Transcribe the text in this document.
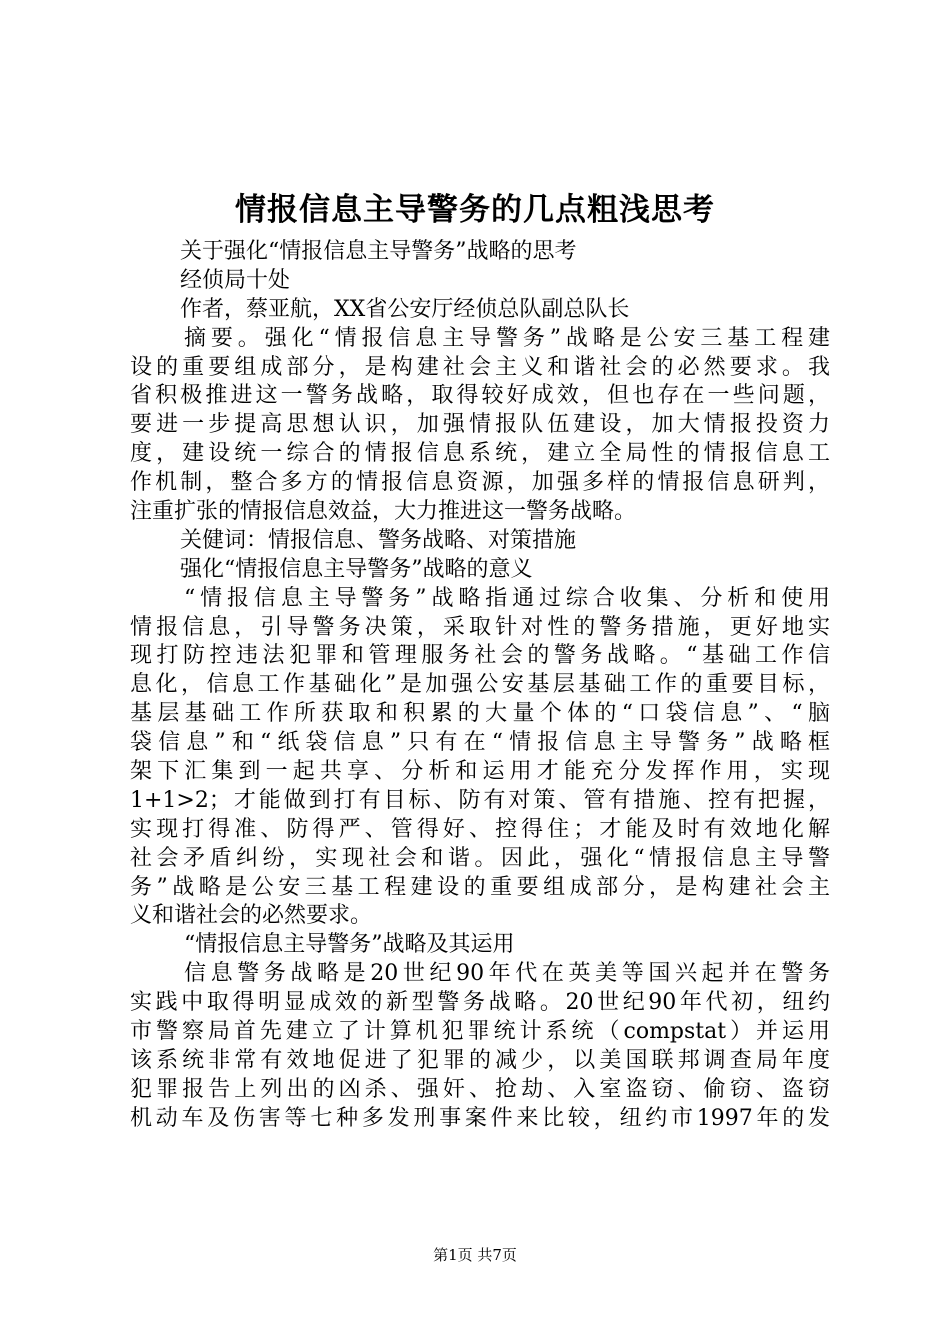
情报信息主导警务的几点粗浅思考
关于强化“情报信息主导警务”战略的思考
经侦局十处
作者，蔡亚航，XX省公安厅经侦总队副总队长
摘要。强化“情报信息主导警务”战略是公安三基工程建
设的重要组成部分，是构建社会主义和谐社会的必然要求。我
省积极推进这一警务战略，取得较好成效，但也存在一些问题，
要进一步提高思想认识，加强情报队伍建设，加大情报投资力
度，建设统一综合的情报信息系统，建立全局性的情报信息工
作机制，整合多方的情报信息资源，加强多样的情报信息研判，
注重扩张的情报信息效益，大力推进这一警务战略。
关健词：情报信息、警务战略、对策措施
强化“情报信息主导警务”战略的意义
“情报信息主导警务”战略指通过综合收集、分析和使用
情报信息，引导警务决策，采取针对性的警务措施，更好地实
现打防控违法犯罪和管理服务社会的警务战略。“基础工作信
息化，信息工作基础化”是加强公安基层基础工作的重要目标，
基层基础工作所获取和积累的大量个体的“口袋信息”、“脑
袋信息”和“纸袋信息”只有在“情报信息主导警务”战略框
架下汇集到一起共享、分析和运用才能充分发挥作用，实现
1+1>2；才能做到打有目标、防有对策、管有措施、控有把握，
实现打得准、防得严、管得好、控得住；才能及时有效地化解
社会矛盾纠纷，实现社会和谐。因此，强化“情报信息主导警
务”战略是公安三基工程建设的重要组成部分，是构建社会主
义和谐社会的必然要求。
“情报信息主导警务”战略及其运用
信息警务战略是20世纪90年代在英美等国兴起并在警务
实践中取得明显成效的新型警务战略。20世纪90年代初，纽约
市警察局首先建立了计算机犯罪统计系统（compstat）并运用
该系统非常有效地促进了犯罪的减少，以美国联邦调查局年度
犯罪报告上列出的凶杀、强奸、抢劫、入室盗窃、偷窃、盗窃
机动车及伤害等七种多发刑事案件来比较，纽约市1997年的发
第1页 共7页
